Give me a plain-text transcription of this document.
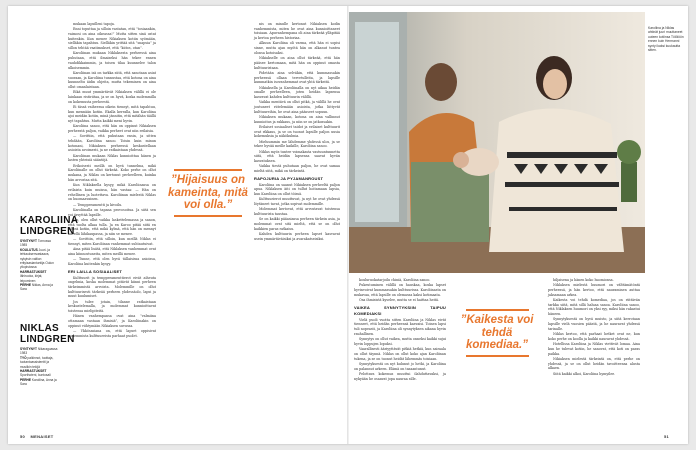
mukaan lapsilleni tapoja.

Enni toputtaa ja silloin vastatan, että ”tosiaankin, vaimosi on aina oikeassa!” Mutta sitten sinä ostat kuitenkin. Kun menee Nikiaksen kotiin syömään, sielläkin tapahtuu. Sielläkin yrittää sitä ”snapsia” ja sillon tehtää vaatimukset, että ”kiitos, otan”.

Karoliinan mukaan Niklaksesta perheessä aina puhutaan, että ilmaiseksi hän tekee ennen vauhdikkaimmin, ja toisen tilaa kuunnelee talon ulkoisemmin.

Karoliinan isä on tarkka siitä, että sanotaan asiat suoraan, ja Karoliina tunnustaa, että kotona on aina kuunneltu äidin ohjeita, mutta tekeminen on aina ollut omanlaistaan.

Eikä muut ymmärtävät Nikiaksen välillä ei ole lainkaan ristiriitaa, ja se on hyvä, koska molemmilla on kokemusta perheestä.

Ei tässä vaiheessa oikein tiennyt, mitä tapahtuu, kun mennään kotiin. Ekalla kerralla, kun Karoliina ajoi meidän kotiin, minä jännitin, että mitähän täällä nyt tapahtuu. Mutta kaikki meni hyvin.

Karoliina sanoo, että hän on oppinut Nikiaksen perheestä paljon, vaikka perheet ovat niin erilaisia.

— Sovittiin, että puhutaan ensin, ja sitten tehdään, Karoliina sanoo. Toisin kuin minun kotonani, Nikiaksen perheessä keskustellaan asioista avoimesti, ja ne ratkaistaan yhdessä.

Karoliinan mukaan Niklas kunnioittaa hänen ja lasten yhteisiä sääntöjä.

Erikoisesti meillä on hyvä tunnelma, mikä Karoliinalle on ollut tärkeää. Koko perhe on ollut mukana, ja Niklas on kertonut perheelleen, kuinka hän arvostaa sitä.

Kun Niklaksella kysyy, mikä Karoliinassa on erilaista kuin muissa, hän vastaa: — Hän on rehellinen ja luotettava. Karoliinan mielestä Niklas on huomaavainen.

— Tempperamentti ja kivoilu.

Karoliinalla on tapana provosoitua. Ja siitä sen voi ärsyttää lapsille.

Joo, olen ollut vaikka laskettelemassa ja sanon, että tuolta alkaa tulla. Ja en Karoo pitää siitä en lähteä kotiin, että mikä kylmä, että hän on mennyt kävellä lähikaupassa, ja niin se menee.

— Sovittiin, että silloin, kun meillä Niklas ei tiennyt, miten Karoliinan vanhemmat suhtautuivat.

Aina pitää lisätä, että Niklaksen vanhemmat ovat aina kiinnostuneita, miten meillä menee.

— Tunne, että olen hyvä tällaisissa asioissa, Karoliina kuitenkin kysyy.

ERI LAILLA SOSIAALISET

Kulttuurit ja tempperamenttierot eivät aiheuta ongelmia, koska molemmat pitävät kiinni perheen tärkeimmistä arvoista. Molemmille on ollut kulttuurisesti tärkeää perheen yhdessäolo, lapsi ja muut kuulumiset.

Jos tulee jotain, tilanne ratkaistaan keskustelemalla, ja molemmat kunnioittavat toistensa mielipiteitä.

Hänen vanhempansa ovat aina ”valmiina ottamaan vastaan ihmisiä”, ja Karoliinakin on oppinut viihtymään Nikiaksen suvussa.

— Ykkösasiana on, että lapset oppisivat molemmista kulttuureista parhaat puolet.

nis on minulle kertonut Nikiaksen kodin vanhemmista, miten he ovat aina kunnioittaneet toisiaan. Apuvanhempana oli aina tärkeää ylläpitää ja kertoa perheen historiaa.

Alkuun Karoliina oli varma, että hän ei sopisi sinne, mutta ajan myötä hän on alkanut tuntea olonsa kotoisaksi.

Nikiakselle on aina ollut tärkeää, että hän pääsee kertomaan, mitä hän on oppinut omasta kulttuuristaan.

Pidetään aina selväkin, että kummassakin perheessä ollaan tervetulleita, ja lapsille kummatkin isovanhemmat ovat yhtä tärkeitä.

Nikiaksella ja Karoliinalla on nyt aikaa heidän omalle perheelleen, joten heidän lapsensa kasvavat kahden kulttuurin välillä.

Vaikka mentävä on ollut pitkä, ja välillä he ovat joutuneet riitelemään asioista, jotka liittyvät kulttuureihin, he ovat aina päässeet sopuun.

Nikiaksen mukaan, kotona on aina vallinnut kunnioitus ja rakkaus, ja niin se on jatkossakin.

Erilaiset sosiaaliset taidot ja erilaiset kulttuurit ovat rikkaus, ja se on tuonut lapsille paljon uusia kokemuksia ja näkökulmia.

Mieluummin me lähdemme yhdessä ulos, ja se tekee hyvää meille kaikille, Karoliina sanoo.

Niklas myös tuntee voimakasta vastuuntunnetta siitä, että heidän lapsensa saavat hyvän kasvatuksen.

Vaikka tiestä puhutaan paljon, he ovat samaa mieltä siitä, mikä on tärkeintä.

RAPOJURIA JA PYJAMANROUST

Karoliina on saanut Nikiaksen perheeltä paljon apua. Niklaksen äiti on tullut hoitamaan lapsia, kun Karoliina on ollut töissä.

Kulttuurierot muuttuvat, ja nyt he ovat yhdessä löytäneet tavat, jotka sopivat molemmille.

Molemmat kertovat, että arvostavat toistensa kulttuurista taustaa.

Se on kaikki pääasiassa perheen tärkein asia, ja molemmat ovat sitä mieltä, että se on ollut kaikkien paras ratkaisu.

Kahden kulttuurin perheen lapset kasvavat usein ymmärtäväisiksi ja avarakatseisiksi.

”Hijaisuus on kameinta, mitä voi olla.”
KAROLIINA LINDGREN
SYNTYNYT Tornossa 1985
KOULUTUS Juuri- ja tehtauksenvastaava, nykyisin valtion erityisasiantuntija Oulun yliopistossa
HARRASTUKSET lähiruoka, kirjat, leipominen
PERHE Niklas, Anna ja Sara
NIKLAS LINDGREN
SYNTYNYT Nikaraguassa 1983
TYÖ palkinnot, tuottaja, tuotantoassistentti ja musiikin tekijä
HARRASTUKSET Sporthoteni, kuntosali
PERHE Karoliina, Anna ja Sara
50 MENAISET
Karoliina ja Niklas ahtinät juuri muuttaneet uuteen kotiinsa Tölölöön ennen kuin Hermanni syntyi kaksi kuukautta sitten.

kouluruokatarjoilu chiniä, Karoliina sanoo.

Pukeutuminen välillä on hauskaa, koska lapset hyvinvoivat kummassakin kulttuurissa. Karoliinasta on mukavaa, että lapsille on olemassa kaksi kotimaata.

Osa ihmisistä kyselee, mutta se ei haittaa heitä.

VAIKEA SYNNYTYKSIIN TAIPUU KOMEDIAKSI

Vielä puoli vuotta sitten Karoliina ja Niklas eivät tienneet, että heidän perheensä kasvaisi. Toinen lapsi tuli nopeasti, ja Karoliina oli synnytyksen aikana hyvin rauhallinen.

Synnytys on ollut vaikea, mutta onneksi kaikki sujui hyvin loppujen lopuksi.

Vaarallisesti ääriyyttävät pitkiä hetkiä, kun sairaala on ollut täynnä. Niklas on ollut koko ajan Karoliinan tukena, ja se on tuonut heidät lähemmäs toisiaan.

Synnytyksestä on nyt kulunut jo hetki, ja Karoliina on palannut arkeen. Elämä on tasaantunut.

Pelottava kokemus muuttui ilahduttavaksi, ja nykyään he osaavat jopa nauraa sille.

hiljaisena ja hänen koko huomionsa.

Niklaksen mielestä huumori on välttämätöntä perheessä, ja hän kertoo, että nauraminen auttaa jaksamaan arkea.

Kaikesta voi tehdä komediaa, jos on riittävän tarkka siitä, mitä sillä haluaa sanoa. Karoliina sanoo, että Niklaksen huumori on yksi syy, miksi hän rakastui häneen.

Synnytyksestä on hyvä muisto, ja siitä kerrotaan lapsille vielä vuosien päästä, ja he nauravat yhdessä tarinalle.

Niklas kertoo, että parhaat hetket ovat ne, kun koko perhe on koolla ja kaikki nauravat yhdessä.

Hotellissa Karoliina ja Niklas viettivät lomaa. Aina kun he tulevat kotiin, he sanovat, että koti on paras paikka.

Nikiaksen mielestä tärkeintä on, että perhe on yhdessä, ja se on ollut heidän tavoitteensa alusta alkaen.

Siitä kaikki alkoi, Karoliina hymyilee.

”Kaikesta voi tehdä komediaa.”
51
